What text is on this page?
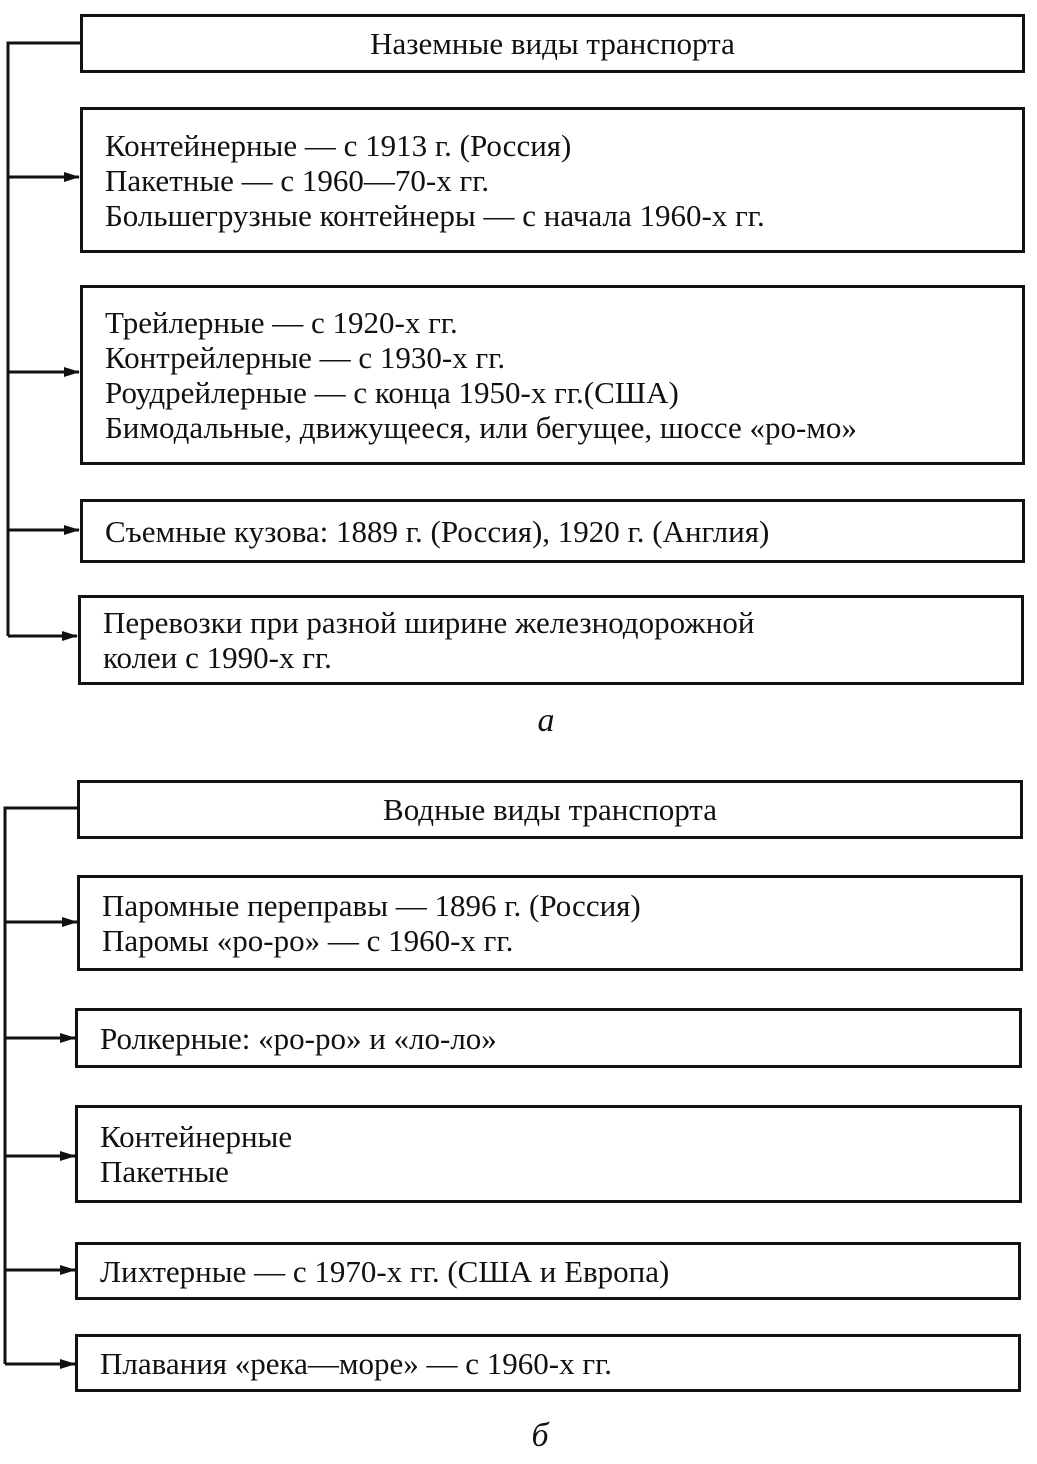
Наземные виды транспорта
Контейнерные — с 1913 г. (Россия)
Пакетные — с 1960—70-х гг.
Большегрузные контейнеры — с начала 1960-х гг.
Трейлерные — с 1920-х гг.
Контрейлерные — с 1930-х гг.
Роудрейлерные — с конца 1950-х гг.(США)
Бимодальные, движущееся, или бегущее, шоссе «ро-мо»
Съемные кузова: 1889 г. (Россия), 1920 г. (Англия)
Перевозки при разной ширине железнодорожной
колеи с 1990-х гг.
а
Водные виды транспорта
Паромные переправы — 1896 г. (Россия)
Паромы «ро-ро» — с 1960-х гг.
Ролкерные: «ро-ро» и «ло-ло»
Контейнерные
Пакетные
Лихтерные — с 1970-х гг. (США и Европа)
Плавания «река—море» — с 1960-х гг.
б
